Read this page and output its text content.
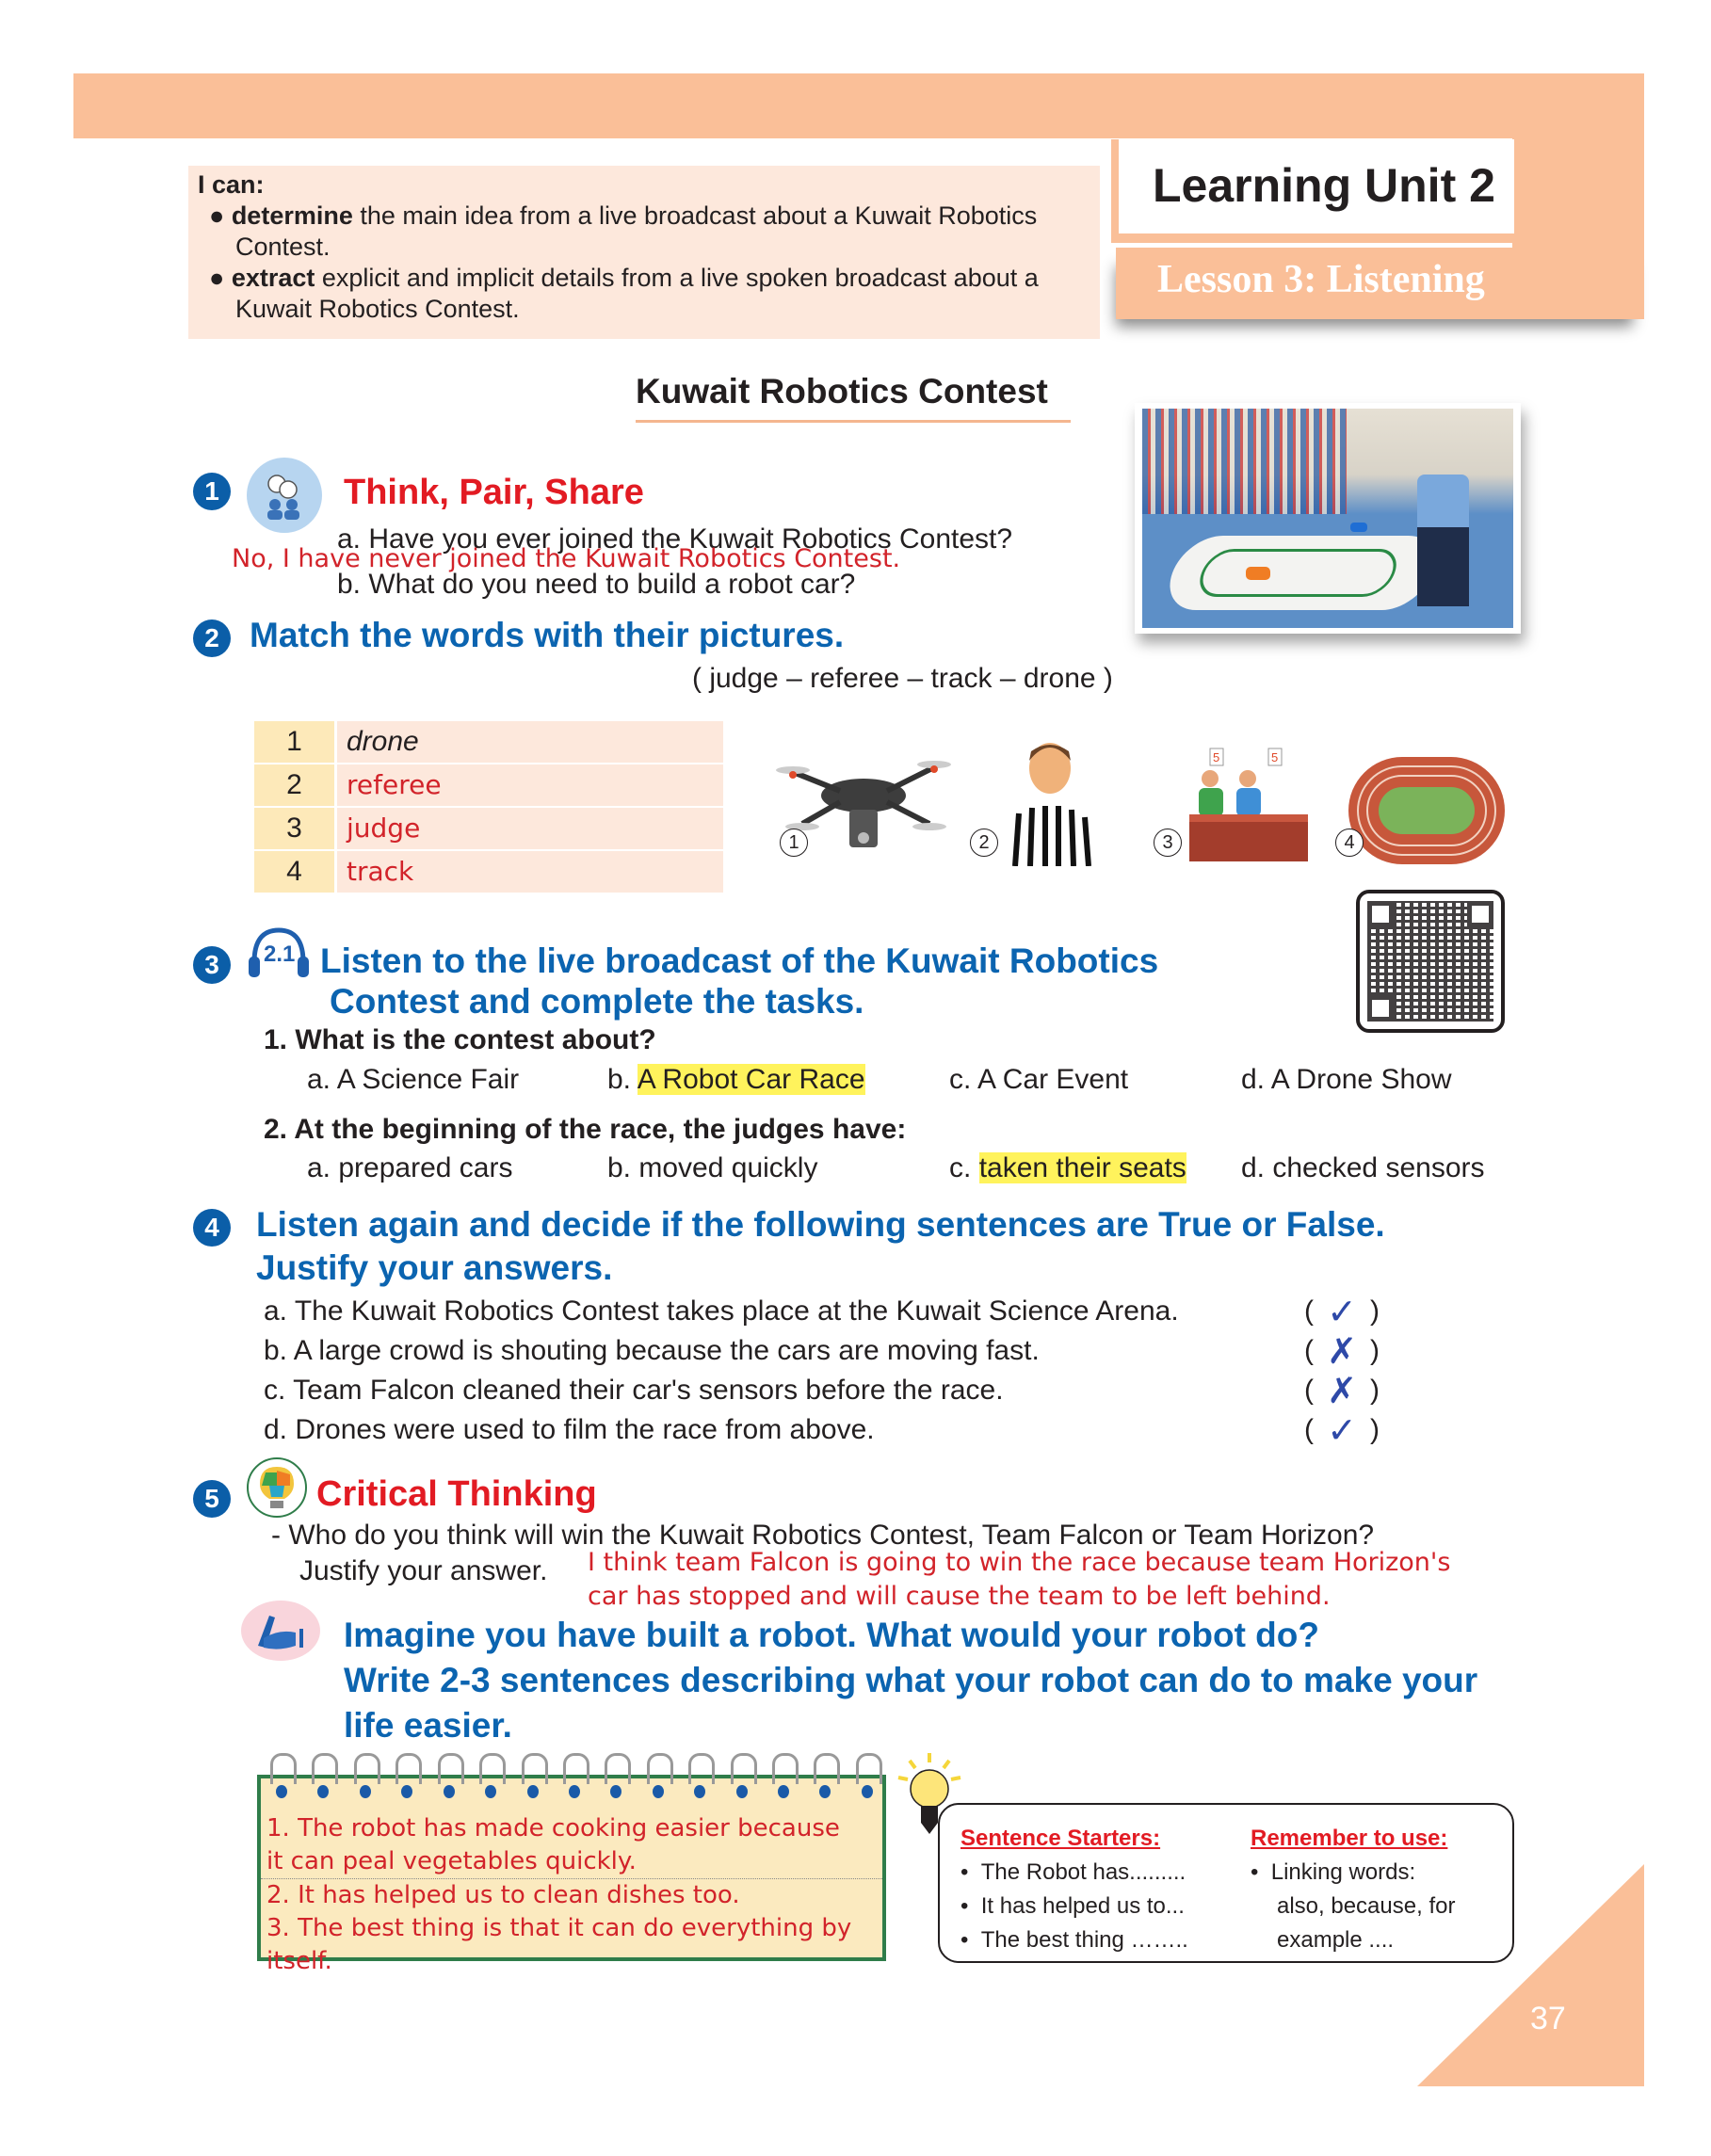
Learning Unit 2
Lesson 3: Listening
I can:
● determine the main idea from a live broadcast about a Kuwait Robotics Contest.
● extract explicit and implicit details from a live spoken broadcast about a Kuwait Robotics Contest.
Kuwait Robotics Contest
1	Think, Pair, Share
a. Have you ever joined the Kuwait Robotics Contest?
No, I have never joined the Kuwait Robotics Contest.
b. What do you need to build a robot car?
2 Match the words with their pictures.
( judge – referee – track – drone )
1	drone
2	referee
3	judge
4	track
1	2
5	5
3	4
3	2.1 Listen to the live broadcast of the Kuwait Robotics
Contest and complete the tasks.
1. What is the contest about?
a. A Science Fair	b. A Robot Car Race	c. A Car Event	d. A Drone Show
2. At the beginning of the race, the judges have:
a. prepared cars	b. moved quickly	c. taken their seats d. checked sensors
4	Listen again and decide if the following sentences are True or False.
Justify your answers.
a. The Kuwait Robotics Contest takes place at the Kuwait Science Arena.	( ✓ )
b. A large crowd is shouting because the cars are moving fast.	( ✗ )
c. Team Falcon cleaned their car's sensors before the race.	( ✗ )
d. Drones were used to film the race from above.	( ✓ )
5	Critical Thinking
- Who do you think will win the Kuwait Robotics Contest, Team Falcon or Team Horizon?
Justify your answer. I think team Falcon is going to win the race because team Horizon's
car has stopped and will cause the team to be left behind.
Imagine you have built a robot. What would your robot do?
Write 2-3 sentences describing what your robot can do to make your
life easier.
1. The robot has made cooking easier because
it can peal vegetables quickly.
2. It has helped us to clean dishes too.
3. The best thing is that it can do everything by
itself.
Sentence Starters:	Remember to use:
•  The Robot has.........
•  It has helped us to...
•  The best thing ……..
•  Linking words:
also, because, for
example ....
37
